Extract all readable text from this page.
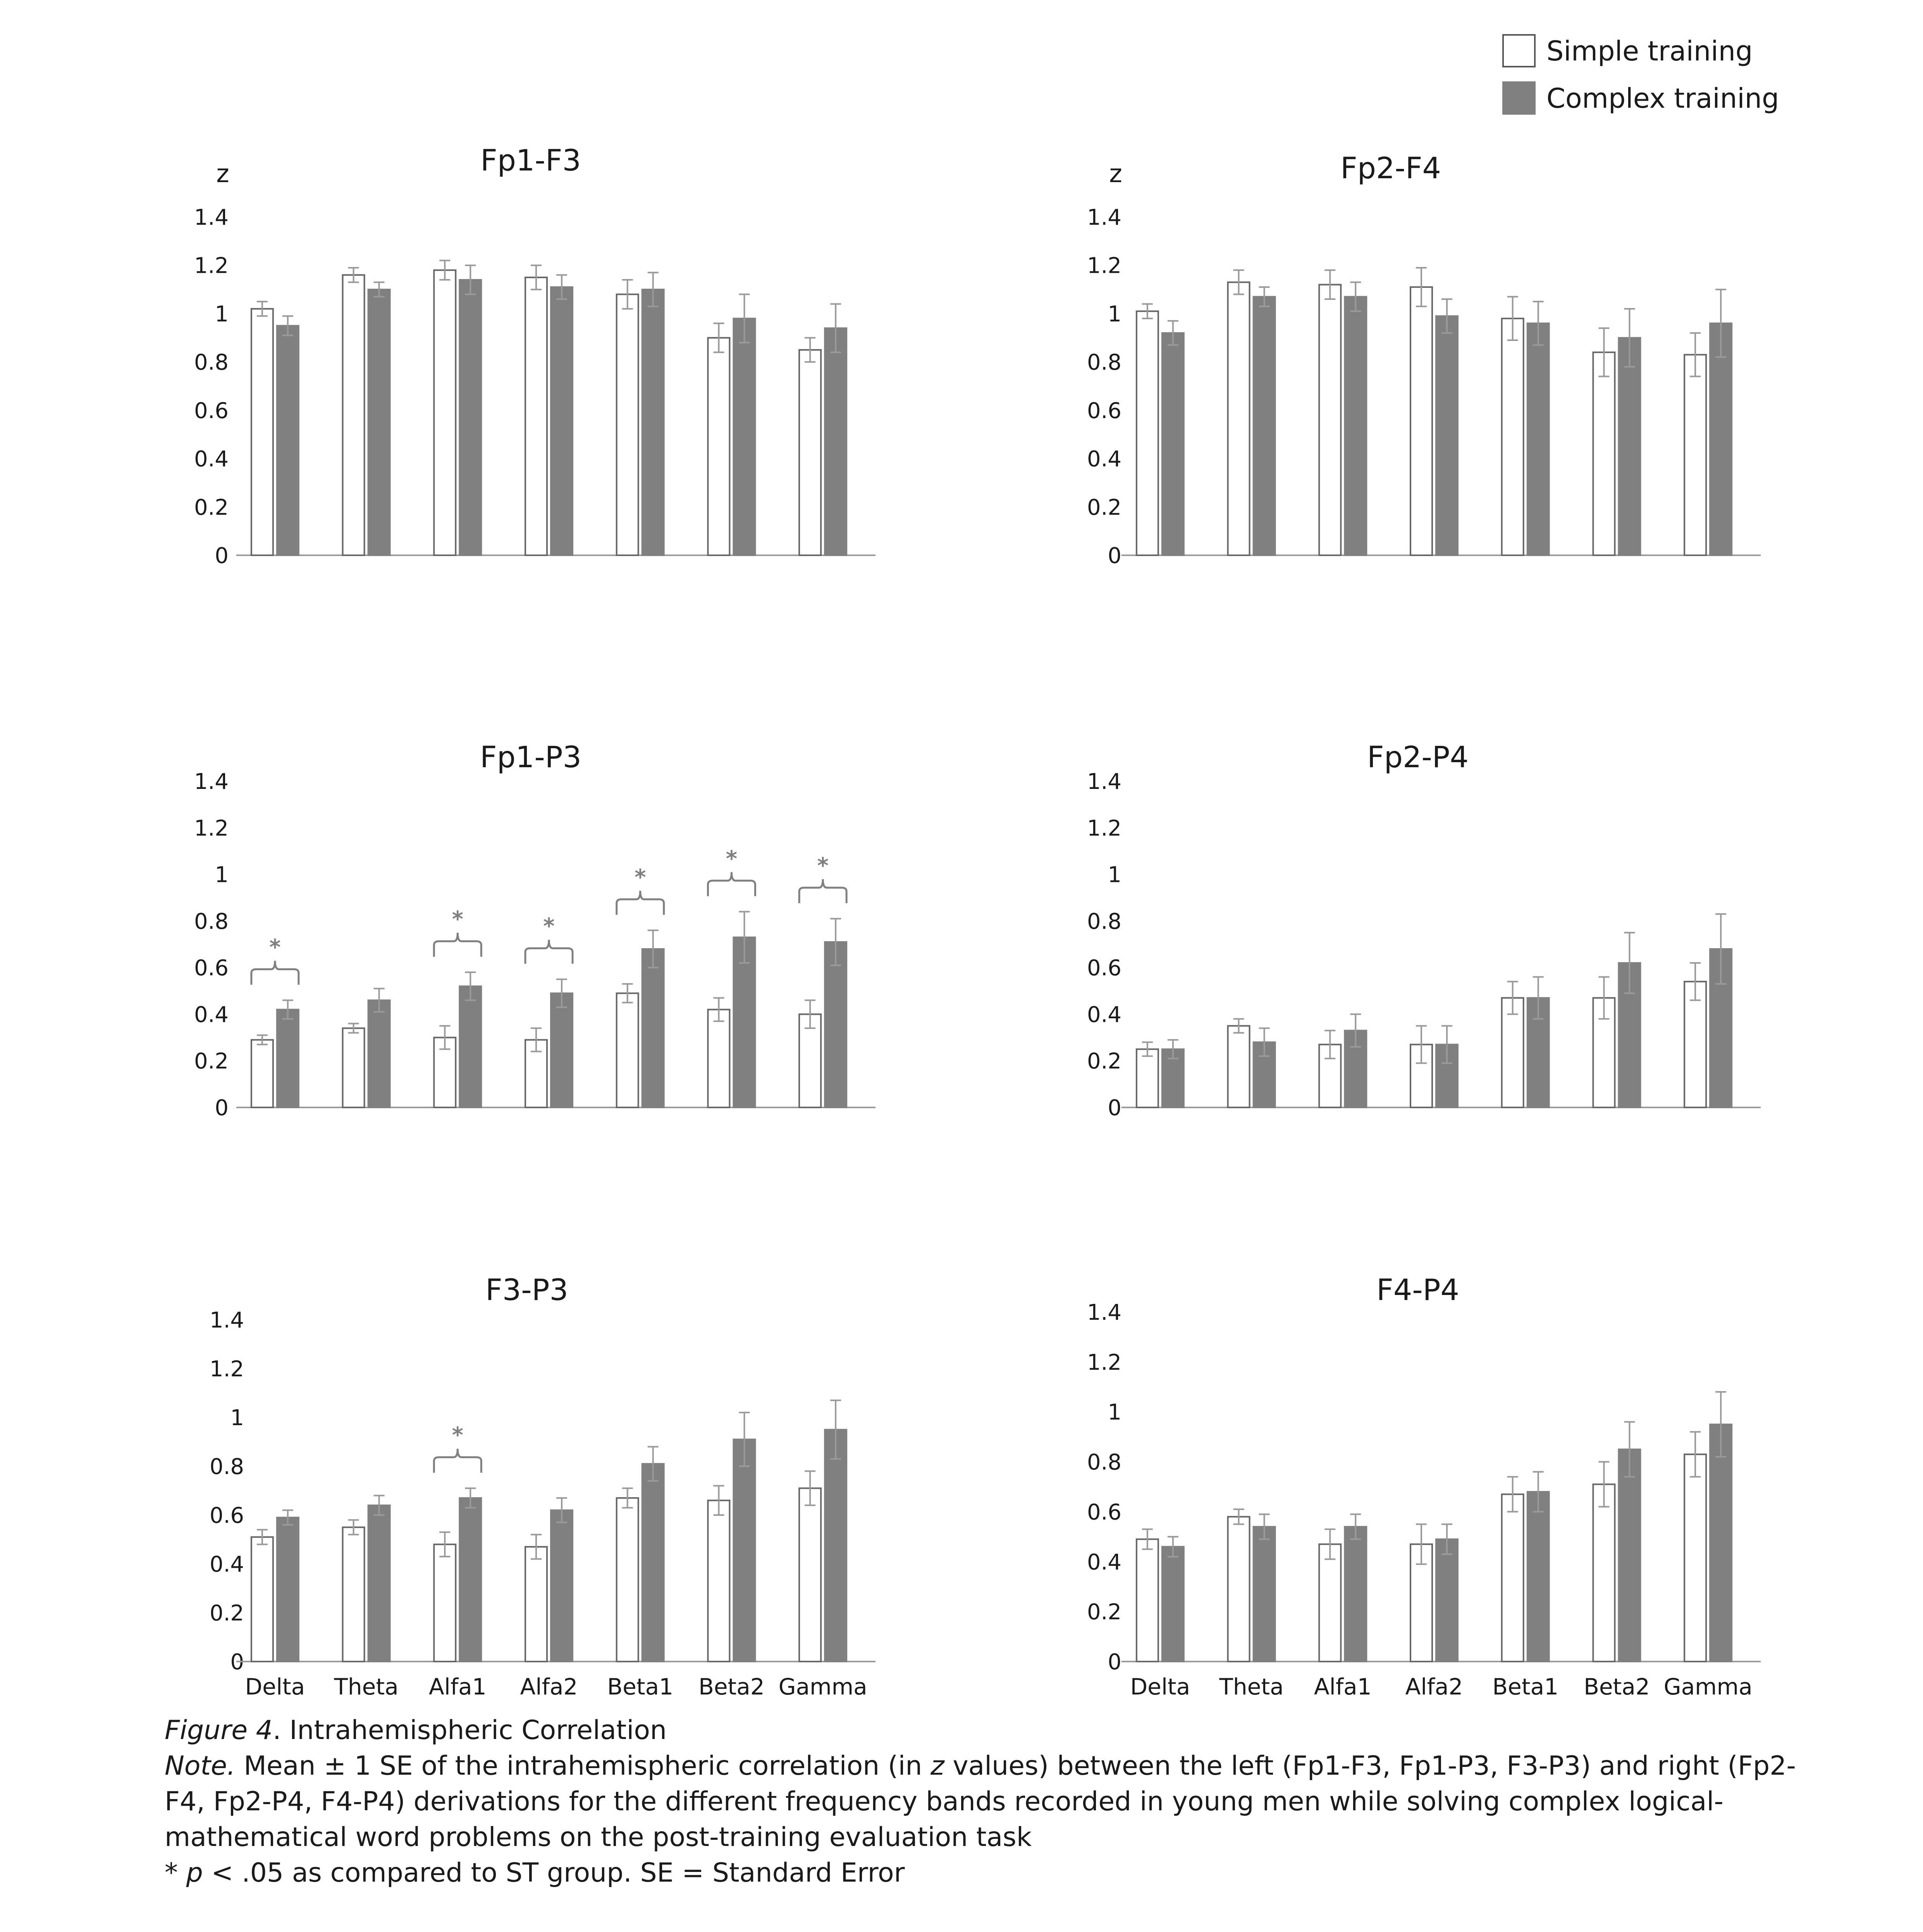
Simple training
Complex training
Fp1-F3
z
0
0.2
0.4
0.6
0.8
1
1.2
1.4
Fp2-F4
z
0
0.2
0.4
0.6
0.8
1
1.2
1.4
Fp1-P3
0
0.2
0.4
0.6
0.8
1
1.2
1.4
*
*	*
*
*	*
Fp2-P4
0
0.2
0.4
0.6
0.8
1
1.2
1.4
F3-P3
0
0.2
0.4
0.6
0.8
1
1.2
1.4
Delta Theta
*
Alfa1 Alfa2 Beta1 Beta2 Gamma
F4-P4
0
0.2
0.4
0.6
0.8
1
1.2
1.4
Delta Theta Alfa1 Alfa2 Beta1 Beta2 Gamma

Figure 4. Intrahemispheric Correlation

Note. Mean ± 1 SE of the intrahemispheric correlation (in z values) between the left (Fp1-F3, Fp1-P3, F3-P3) and right (Fp2-F4, Fp2-P4, F4-P4) derivations for the different frequency bands recorded in young men while solving complex logical-mathematical word problems on the post-training evaluation task

* p < .05 as compared to ST group. SE = Standard Error
